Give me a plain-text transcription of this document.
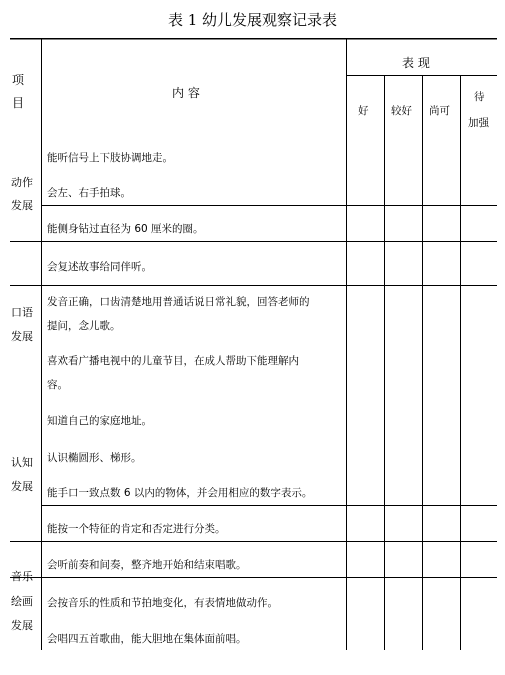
表 1 幼儿发展观察记录表
项
目
内 容
表 现
好 较好 尚可
待
加强
动作
发展
口语
发展
认知
发展
音乐
绘画
发展
能听信号上下肢协调地走。
会左、右手拍球。
能侧身钻过直径为 60 厘米的圈。
会复述故事给同伴听。
发音正确，口齿清楚地用普通话说日常礼貌，回答老师的
提问，念儿歌。
喜欢看广播电视中的儿童节目，在成人帮助下能理解内
容。
知道自己的家庭地址。
认识椭圆形、梯形。
能手口一致点数 6 以内的物体，并会用相应的数字表示。
能按一个特征的肯定和否定进行分类。
会听前奏和间奏，整齐地开始和结束唱歌。
会按音乐的性质和节拍地变化，有表情地做动作。
会唱四五首歌曲，能大胆地在集体面前唱。
